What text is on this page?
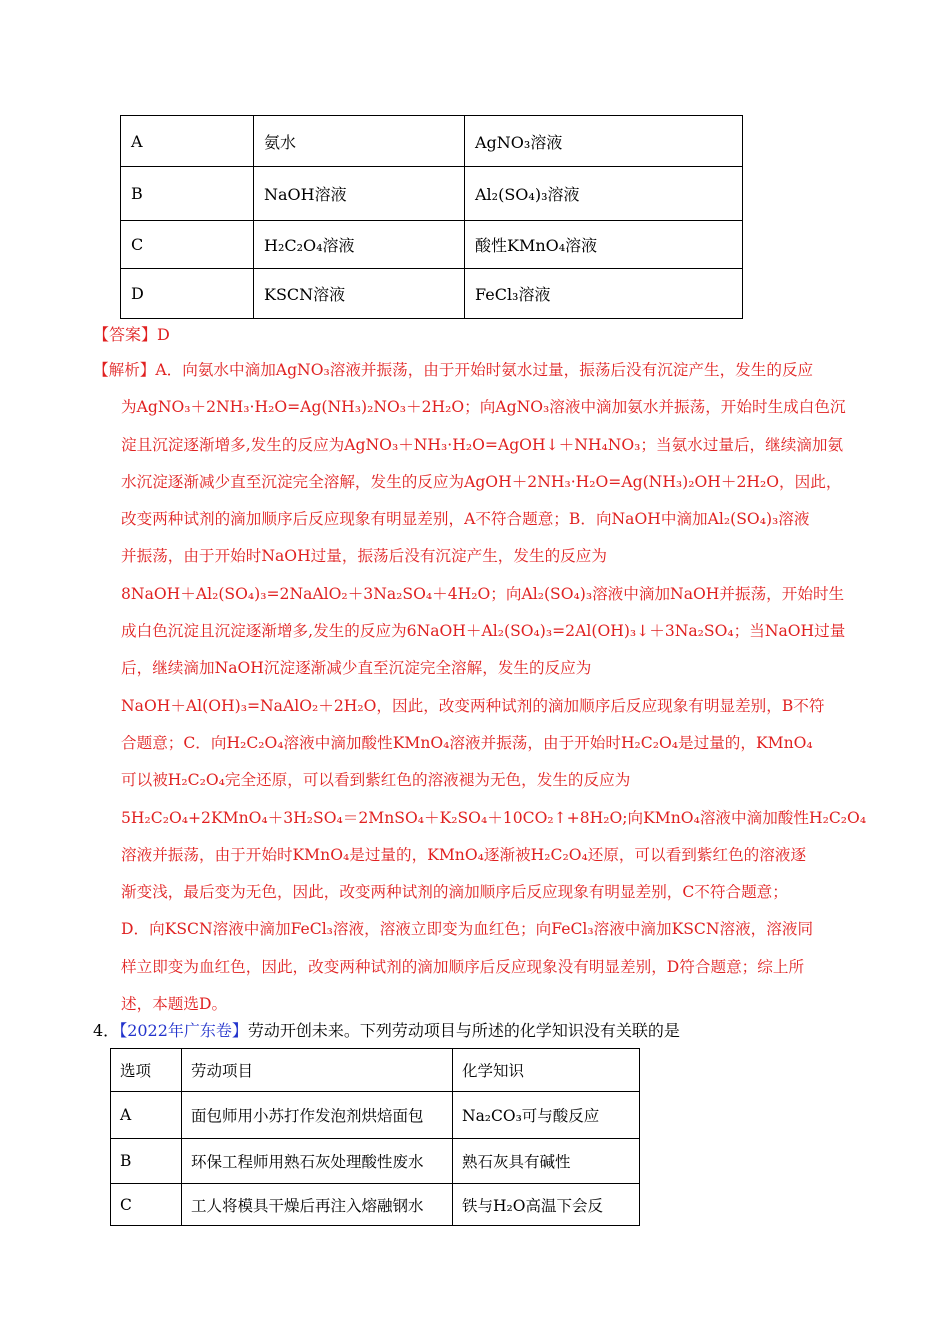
A	氨水	AgNO₃溶液
B	NaOH溶液	Al₂(SO₄)₃溶液
C	H₂C₂O₄溶液	酸性KMnO₄溶液
D	KSCN溶液	FeCl₃溶液
【答案】D

【解析】A．向氨水中滴加AgNO₃溶液并振荡，由于开始时氨水过量，振荡后没有沉淀产生，发生的反应

为AgNO₃＋2NH₃·H₂O=Ag(NH₃)₂NO₃＋2H₂O；向AgNO₃溶液中滴加氨水并振荡，开始时生成白色沉
淀且沉淀逐渐增多,发生的反应为AgNO₃＋NH₃·H₂O=AgOH↓＋NH₄NO₃；当氨水过量后，继续滴加氨
水沉淀逐渐减少直至沉淀完全溶解，发生的反应为AgOH＋2NH₃·H₂O=Ag(NH₃)₂OH＋2H₂O，因此，
改变两种试剂的滴加顺序后反应现象有明显差别，A不符合题意；B．向NaOH中滴加Al₂(SO₄)₃溶液
并振荡，由于开始时NaOH过量，振荡后没有沉淀产生，发生的反应为
8NaOH＋Al₂(SO₄)₃=2NaAlO₂＋3Na₂SO₄＋4H₂O；向Al₂(SO₄)₃溶液中滴加NaOH并振荡，开始时生
成白色沉淀且沉淀逐渐增多,发生的反应为6NaOH＋Al₂(SO₄)₃=2Al(OH)₃↓＋3Na₂SO₄；当NaOH过量
后，继续滴加NaOH沉淀逐渐减少直至沉淀完全溶解，发生的反应为
NaOH＋Al(OH)₃=NaAlO₂＋2H₂O，因此，改变两种试剂的滴加顺序后反应现象有明显差别，B不符
合题意；C．向H₂C₂O₄溶液中滴加酸性KMnO₄溶液并振荡，由于开始时H₂C₂O₄是过量的，KMnO₄
可以被H₂C₂O₄完全还原，可以看到紫红色的溶液褪为无色，发生的反应为
5H₂C₂O₄+2KMnO₄＋3H₂SO₄＝2MnSO₄＋K₂SO₄＋10CO₂↑+8H₂O;向KMnO₄溶液中滴加酸性H₂C₂O₄
溶液并振荡，由于开始时KMnO₄是过量的，KMnO₄逐渐被H₂C₂O₄还原，可以看到紫红色的溶液逐
渐变浅，最后变为无色，因此，改变两种试剂的滴加顺序后反应现象有明显差别，C不符合题意；
D．向KSCN溶液中滴加FeCl₃溶液，溶液立即变为血红色；向FeCl₃溶液中滴加KSCN溶液，溶液同
样立即变为血红色，因此，改变两种试剂的滴加顺序后反应现象没有明显差别，D符合题意；综上所
述，本题选D。
4．【2022年广东卷】劳动开创未来。下列劳动项目与所述的化学知识没有关联的是
选项	劳动项目	化学知识
A	面包师用小苏打作发泡剂烘焙面包	Na₂CO₃可与酸反应
B	环保工程师用熟石灰处理酸性废水	熟石灰具有碱性
C	工人将模具干燥后再注入熔融钢水	铁与H₂O高温下会反
